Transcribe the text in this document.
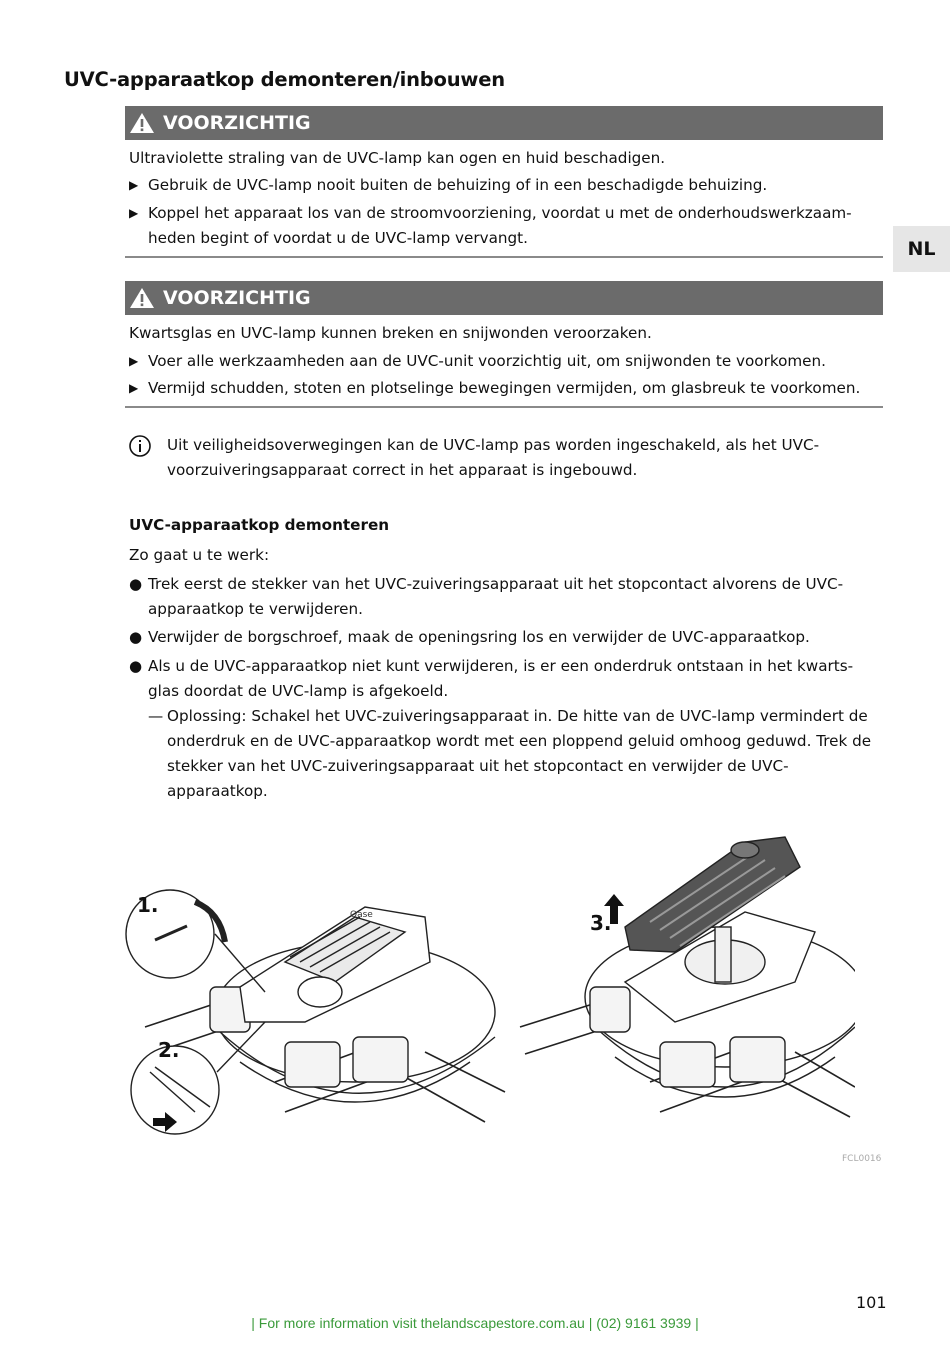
UVC-apparaatkop demonteren/inbouwen
NL
VOORZICHTIG
Ultraviolette straling van de UVC-lamp kan ogen en huid beschadigen.
▶ Gebruik de UVC-lamp nooit buiten de behuizing of in een beschadigde behuizing.
▶ Koppel het apparaat los van de stroomvoorziening, voordat u met de onderhoudswerkzaam-heden begint of voordat u de UVC-lamp vervangt.
VOORZICHTIG
Kwartsglas en UVC-lamp kunnen breken en snijwonden veroorzaken.
▶ Voer alle werkzaamheden aan de UVC-unit voorzichtig uit, om snijwonden te voorkomen.
▶ Vermijd schudden, stoten en plotselinge bewegingen vermijden, om glasbreuk te voorkomen.
Uit veiligheidsoverwegingen kan de UVC-lamp pas worden ingeschakeld, als het UVC-voorzuiveringsapparaat correct in het apparaat is ingebouwd.
UVC-apparaatkop demonteren
Zo gaat u te werk:
● Trek eerst de stekker van het UVC-zuiveringsapparaat uit het stopcontact alvorens de UVC-apparaatkop te verwijderen.
● Verwijder de borgschroef, maak de openingsring los en verwijder de UVC-apparaatkop.
● Als u de UVC-apparaatkop niet kunt verwijderen, is er een onderdruk ontstaan in het kwarts-glas doordat de UVC-lamp is afgekoeld.
— Oplossing: Schakel het UVC-zuiveringsapparaat in. De hitte van de UVC-lamp vermindert de onderdruk en de UVC-apparaatkop wordt met een ploppend geluid omhoog geduwd. Trek de stekker van het UVC-zuiveringsapparaat uit het stopcontact en verwijder de UVC-apparaatkop.
1.
2.
3.
Oase
FCL0016
101
| For more information visit thelandscapestore.com.au | (02) 9161 3939 |
